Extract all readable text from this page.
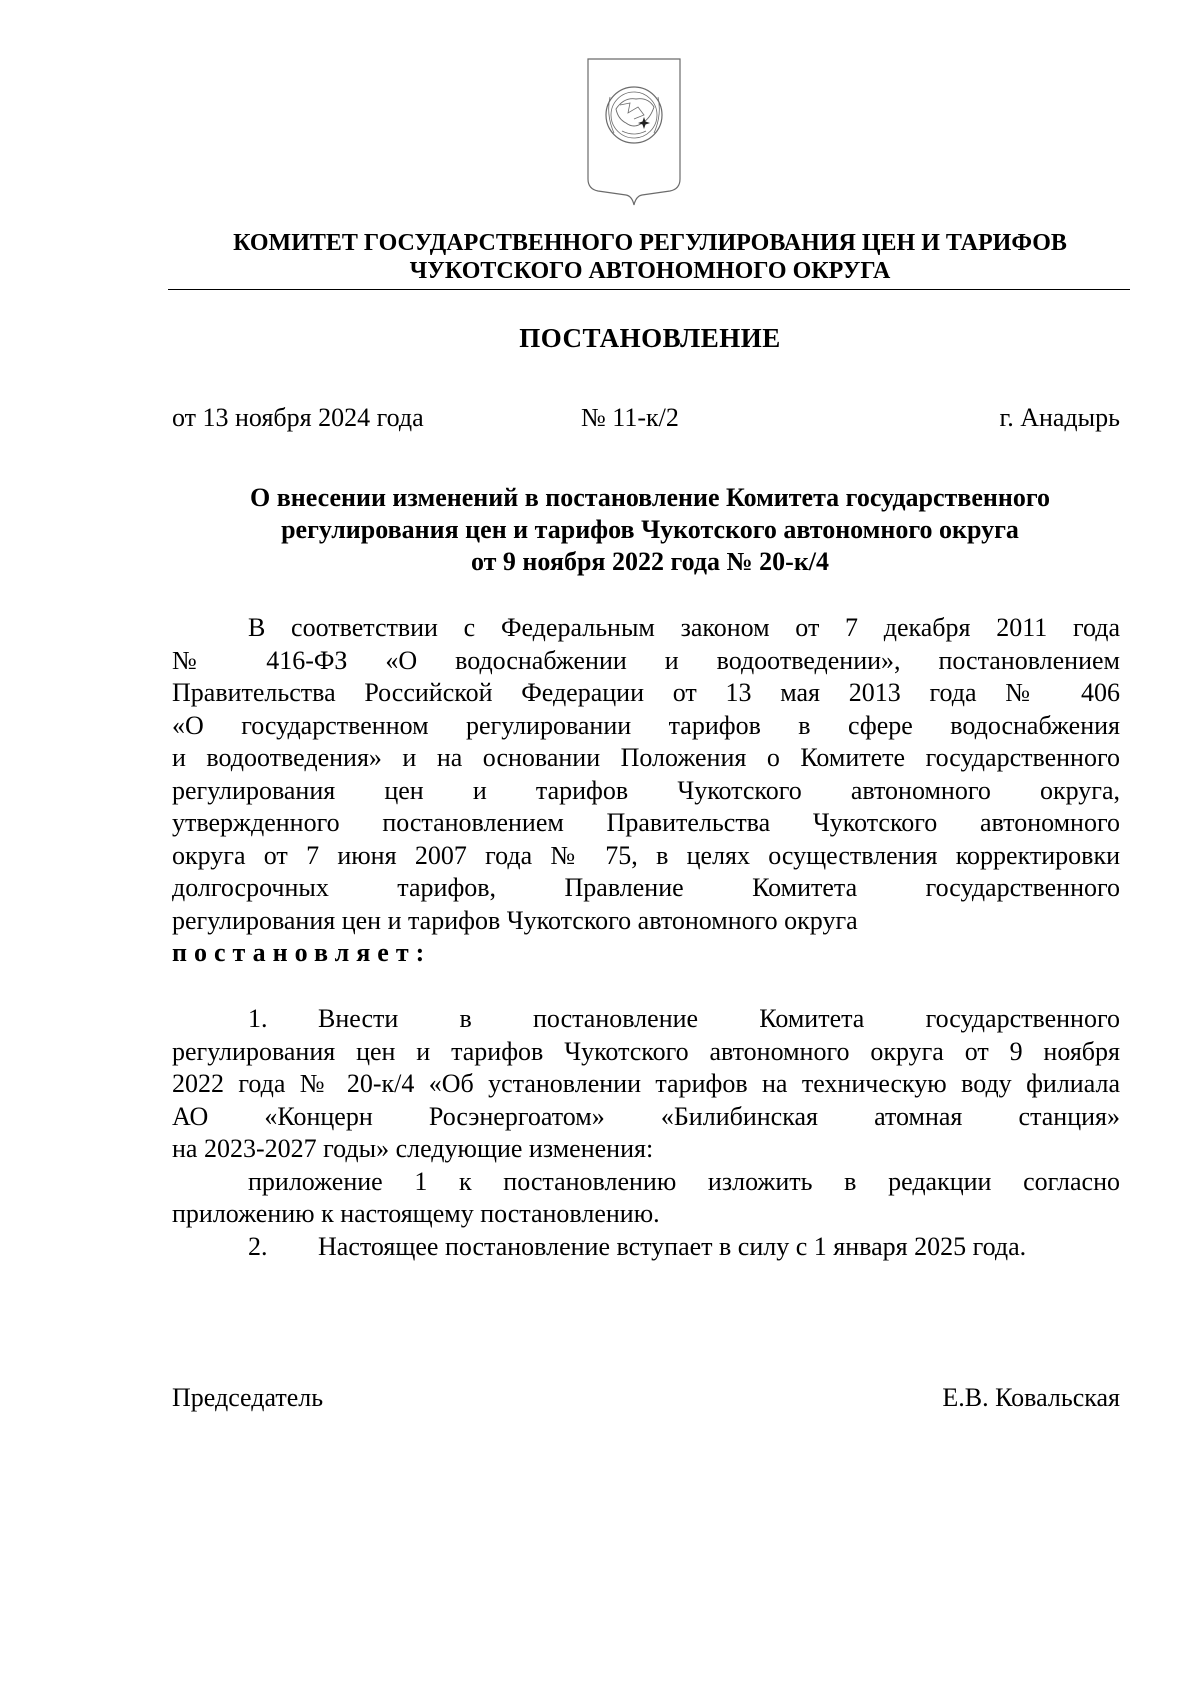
КОМИТЕТ ГОСУДАРСТВЕННОГО РЕГУЛИРОВАНИЯ ЦЕН И ТАРИФОВ
ЧУКОТСКОГО АВТОНОМНОГО ОКРУГА
ПОСТАНОВЛЕНИЕ
от 13 ноября 2024 года	№ 11-к/2	г. Анадырь
О внесении изменений в постановление Комитета государственного
регулирования цен и тарифов Чукотского автономного округа
от 9 ноября 2022 года № 20-к/4
В соответствии с Федеральным законом от 7 декабря 2011 года
№ 416-ФЗ «О водоснабжении и водоотведении», постановлением
Правительства Российской Федерации от 13 мая 2013 года № 406
«О государственном регулировании тарифов в сфере водоснабжения
и водоотведения» и на основании Положения о Комитете государственного
регулирования цен и тарифов Чукотского автономного округа,
утвержденного постановлением Правительства Чукотского автономного
округа от 7 июня 2007 года № 75, в целях осуществления корректировки
долгосрочных тарифов, Правление Комитета государственного
регулирования цен и тарифов Чукотского автономного округа
постановляет:
1. Внести в постановление Комитета государственного
регулирования цен и тарифов Чукотского автономного округа от 9 ноября
2022 года № 20-к/4 «Об установлении тарифов на техническую воду филиала
АО «Концерн Росэнергоатом» «Билибинская атомная станция»
на 2023-2027 годы» следующие изменения:
приложение 1 к постановлению изложить в редакции согласно
приложению к настоящему постановлению.
2. Настоящее постановление вступает в силу с 1 января 2025 года.
Председатель	Е.В. Ковальская
